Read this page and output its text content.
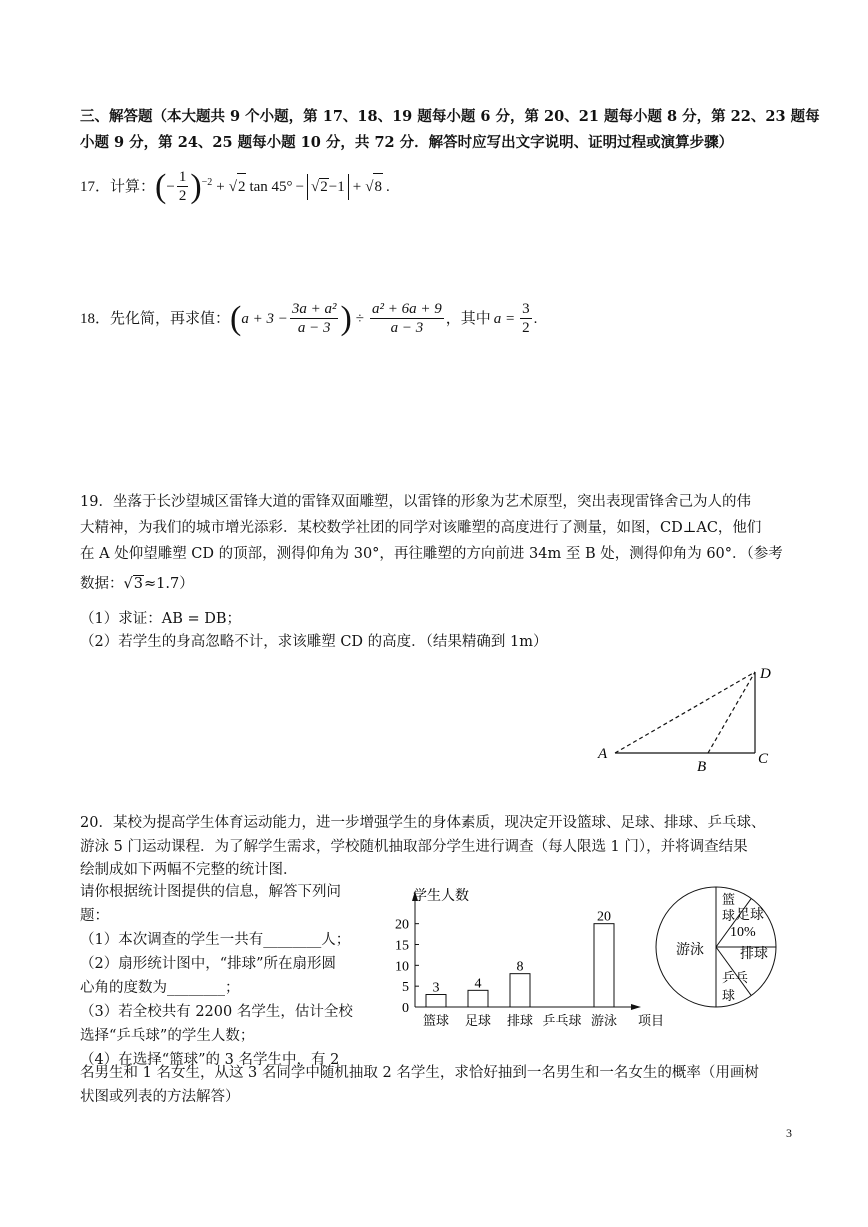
三、解答题（本大题共 9 个小题，第 17、18、19 题每小题 6 分，第 20、21 题每小题 8 分，第 22、23 题每
小题 9 分，第 24、25 题每小题 10 分，共 72 分．解答时应写出文字说明、证明过程或演算步骤）
17．计算： ( − $\frac{1}{2} )^{-2}$ + √ 2 tan 45° − √2−1 + √ 8 .
18．先化简，再求值： ( $a + 3 - \frac{\text{3a + a²}}{a - 3}$ ) ÷ $\frac{\text{a² + 6a + 9}}{a - 3}$ ，其中 $a = \frac{3}{2}$ .
19．坐落于长沙望城区雷锋大道的雷锋双面雕塑，以雷锋的形象为艺术原型，突出表现雷锋舍己为人的伟
大精神，为我们的城市增光添彩．某校数学社团的同学对该雕塑的高度进行了测量，如图，CD⊥AC，他们
在 A 处仰望雕塑 CD 的顶部，测得仰角为 30°，再往雕塑的方向前进 34m 至 B 处，测得仰角为 60°．（参考
数据：√3≈1.7）
（1）求证：AB = DB；
（2）若学生的身高忽略不计，求该雕塑 CD 的高度．（结果精确到 1m）
A
B	C
D
20．某校为提高学生体育运动能力，进一步增强学生的身体素质，现决定开设篮球、足球、排球、乒乓球、
游泳 5 门运动课程．为了解学生需求，学校随机抽取部分学生进行调查（每人限选 1 门），并将调查结果
绘制成如下两幅不完整的统计图．
请你根据统计图提供的信息，解答下列问
题：
（1）本次调查的学生一共有________人；
（2）扇形统计图中，“排球”所在扇形圆
心角的度数为________；
（3）若全校共有 2200 名学生，估计全校
选择“乒乓球”的学生人数；
（4）在选择“篮球”的 3 名学生中，有 2
名男生和 1 名女生，从这 3 名同学中随机抽取 2 名学生，求恰好抽到一名男生和一名女生的概率（用画树
状图或列表的方法解答）
学生人数
0
5
10
15
20
3
篮球
4
足球
8
排球 乒乓球
20
游泳 项目
篮
球 足球
排球
乒乓
球
游泳
10%
3
